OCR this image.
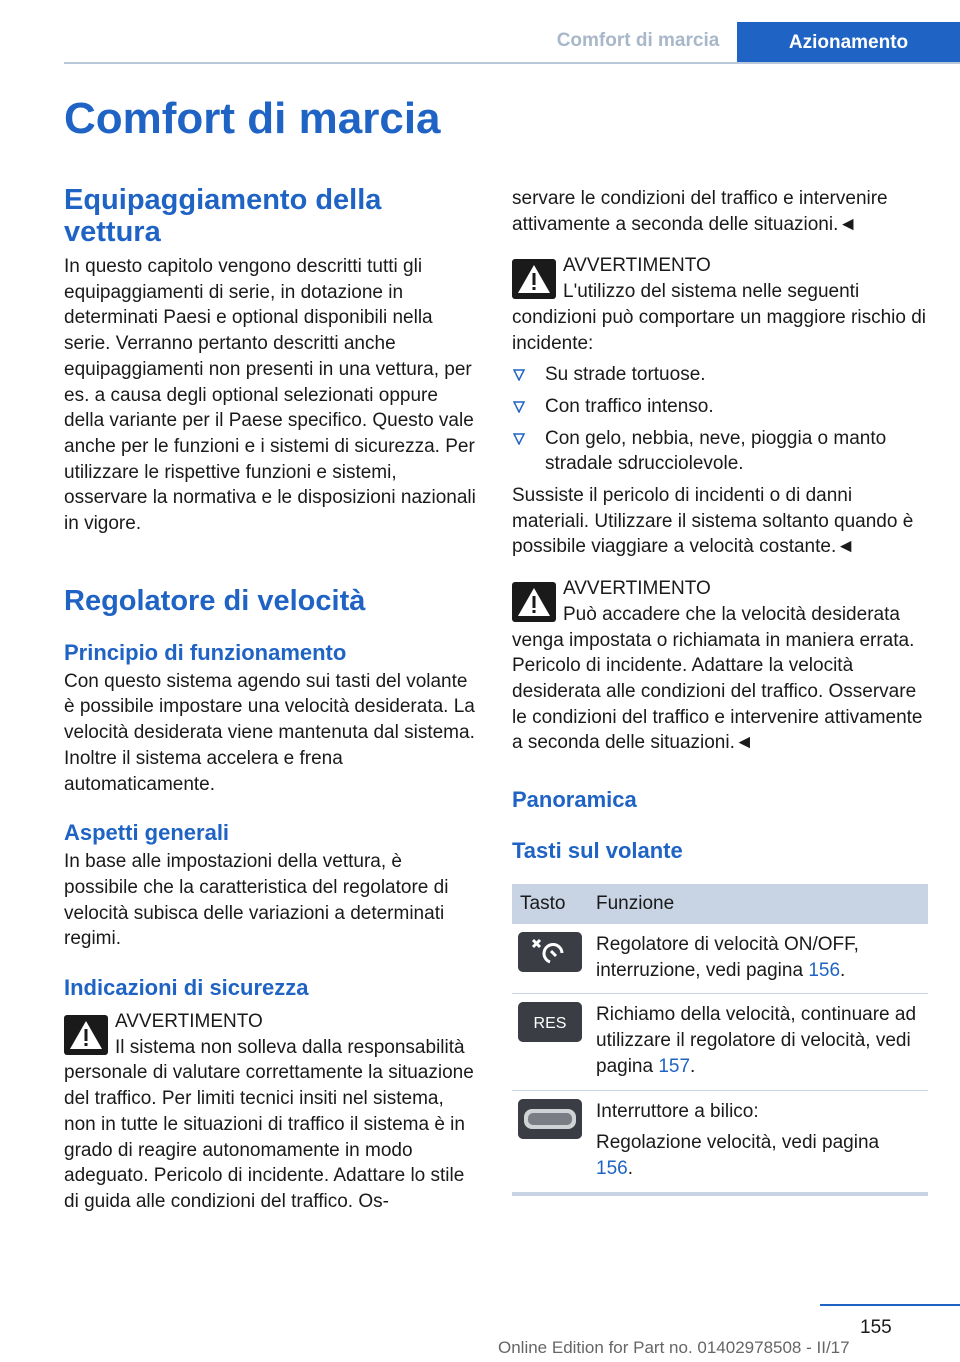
Comfort di marcia	Azionamento
Comfort di marcia
Equipaggiamento della vettura

In questo capitolo vengono descritti tutti gli equipaggiamenti di serie, in dotazione in determinati Paesi e optional disponibili nella serie. Verranno pertanto descritti anche equipaggiamenti non presenti in una vettura, per es. a causa degli optional selezionati oppure della variante per il Paese specifico. Questo vale anche per le funzioni e i sistemi di sicurezza. Per utilizzare le rispettive funzioni e sistemi, osservare la normativa e le disposizioni nazionali in vigore.

Regolatore di velocità
Principio di funzionamento

Con questo sistema agendo sui tasti del volante è possibile impostare una velocità desiderata. La velocità desiderata viene mantenuta dal sistema. Inoltre il sistema accelera e frena automaticamente.

Aspetti generali

In base alle impostazioni della vettura, è possibile che la caratteristica del regolatore di velocità subisca delle variazioni a determinati regimi.

Indicazioni di sicurezza
AVVERTIMENTO

Il sistema non solleva dalla responsabilità personale di valutare correttamente la situazione del traffico. Per limiti tecnici insiti nel sistema, non in tutte le situazioni di traffico il sistema è in grado di reagire autonomamente in modo adeguato. Pericolo di incidente. Adattare lo stile di guida alle condizioni del traffico. Os-

servare le condizioni del traffico e intervenire attivamente a seconda delle situazioni.◄

AVVERTIMENTO

L'utilizzo del sistema nelle seguenti condizioni può comportare un maggiore rischio di incidente:

Su strade tortuose.
Con traffico intenso.
Con gelo, nebbia, neve, pioggia o manto stradale sdrucciolevole.

Sussiste il pericolo di incidenti o di danni materiali. Utilizzare il sistema soltanto quando è possibile viaggiare a velocità costante.◄

AVVERTIMENTO

Può accadere che la velocità desiderata venga impostata o richiamata in maniera errata. Pericolo di incidente. Adattare la velocità desiderata alle condizioni del traffico. Osservare le condizioni del traffico e intervenire attivamente a seconda delle situazioni.◄

Panoramica
Tasti sul volante
Tasto	Funzione

	Regolatore di velocità ON/OFF, interruzione, vedi pagina 156.

RES	Richiamo della velocità, continuare ad utilizzare il regolatore di velocità, vedi pagina 157.

Interruttore a bilico:
Regolazione velocità, vedi pagina 156.
155
Online Edition for Part no. 01402978508 - II/17
